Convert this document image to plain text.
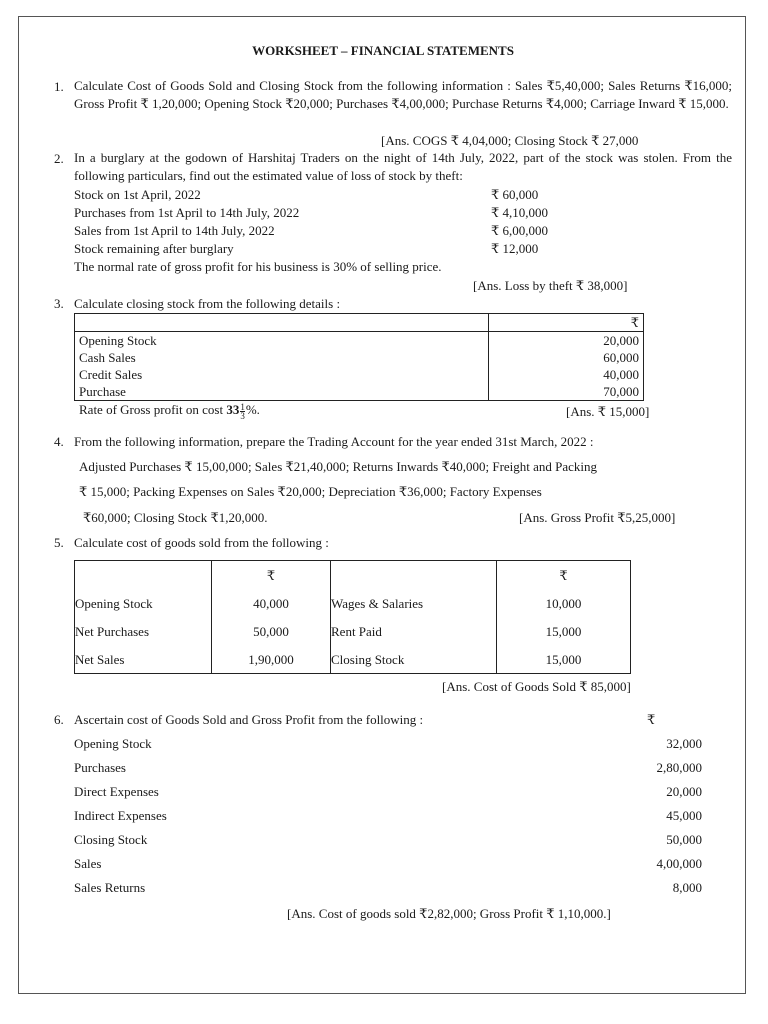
WORKSHEET – FINANCIAL STATEMENTS
1. Calculate Cost of Goods Sold and Closing Stock from the following information : Sales ₹5,40,000; Sales Returns ₹16,000; Gross Profit ₹ 1,20,000; Opening Stock ₹20,000; Purchases ₹4,00,000; Purchase Returns ₹4,000; Carriage Inward ₹ 15,000.
[Ans. COGS ₹ 4,04,000; Closing Stock ₹ 27,000
2. In a burglary at the godown of Harshitaj Traders on the night of 14th July, 2022, part of the stock was stolen. From the following particulars, find out the estimated value of loss of stock by theft:
Stock on 1st April, 2022	₹ 60,000
Purchases from 1st April to 14th July, 2022	₹ 4,10,000
Sales from 1st April to 14th July, 2022	₹ 6,00,000
Stock remaining after burglary	₹ 12,000
The normal rate of gross profit for his business is 30% of selling price.
[Ans. Loss by theft ₹ 38,000]
3. Calculate closing stock from the following details :
	₹
Opening Stock	20,000
Cash Sales	60,000
Credit Sales	40,000
Purchase	70,000
Rate of Gross profit on cost $33 \frac{1}{3}$ %.	[Ans. ₹ 15,000]
4. From the following information, prepare the Trading Account for the year ended 31st March, 2022 :
Adjusted Purchases ₹ 15,00,000; Sales ₹21,40,000; Returns Inwards ₹40,000; Freight and Packing
₹ 15,000; Packing Expenses on Sales ₹20,000; Depreciation ₹36,000; Factory Expenses
₹60,000; Closing Stock ₹1,20,000.	[Ans. Gross Profit ₹5,25,000]
5. Calculate cost of goods sold from the following :
	₹		₹
Opening Stock	40,000	Wages & Salaries	10,000
Net Purchases	50,000	Rent Paid	15,000
Net Sales	1,90,000	Closing Stock	15,000
[Ans. Cost of Goods Sold ₹ 85,000]
6. Ascertain cost of Goods Sold and Gross Profit from the following :	₹
Opening Stock	32,000
Purchases	2,80,000
Direct Expenses	20,000
Indirect Expenses	45,000
Closing Stock	50,000
Sales	4,00,000
Sales Returns	8,000
[Ans. Cost of goods sold ₹2,82,000; Gross Profit ₹ 1,10,000.]
